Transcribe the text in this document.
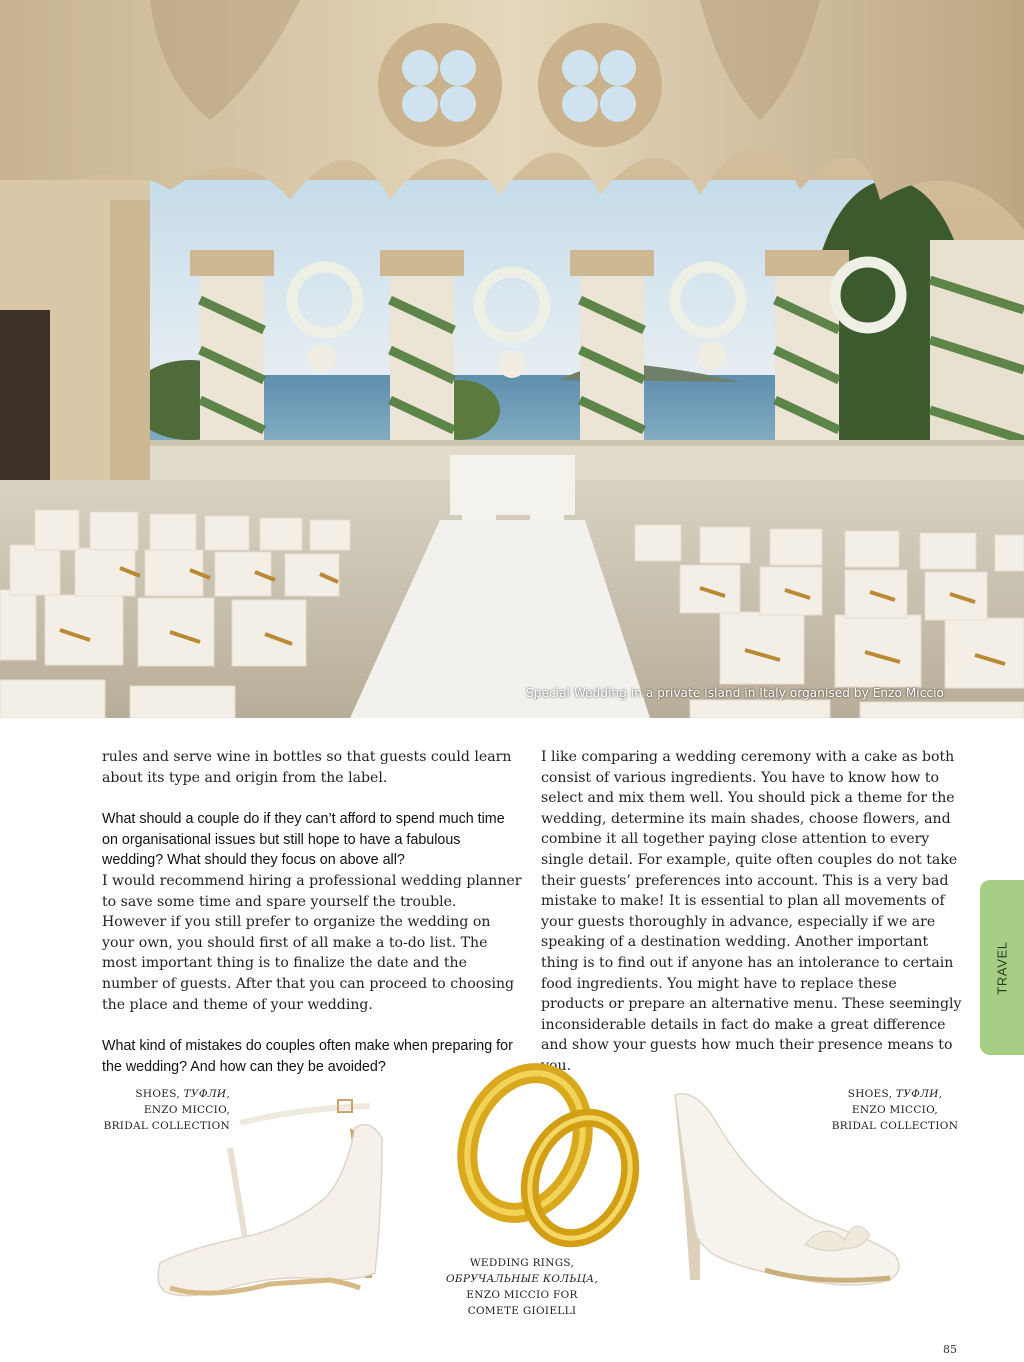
Special Wedding in a private island in Italy organised by Enzo Miccio

rules and serve wine in bottles so that guests could learn about its type and origin from the label.

What should a couple do if they can’t afford to spend much time on organisational issues but still hope to have a fabulous wedding? What should they focus on above all?

I would recommend hiring a professional wedding planner to save some time and spare yourself the trouble. However if you still prefer to organize the wedding on your own, you should first of all make a to-do list. The most important thing is to finalize the date and the number of guests. After that you can proceed to choosing the place and theme of your wedding.

What kind of mistakes do couples often make when preparing for the wedding? And how can they be avoided?

I like comparing a wedding ceremony with a cake as both consist of various ingredients. You have to know how to select and mix them well. You should pick a theme for the wedding, determine its main shades, choose flowers, and combine it all together paying close attention to every single detail. For example, quite often couples do not take their guests’ preferences into account. This is a very bad mistake to make! It is essential to plan all movements of your guests thoroughly in advance, especially if we are speaking of a destination wedding. Another important thing is to find out if anyone has an intolerance to certain food ingredients. You might have to replace these products or prepare an alternative menu. These seemingly inconsiderable details in fact do make a great difference and show your guests how much their presence means to you.

TRAVEL
SHOES, ТУФЛИ,
ENZO MICCIO,
BRIDAL COLLECTION
WEDDING RINGS,
ОБРУЧАЛЬНЫЕ КОЛЬЦА,
ENZO MICCIO FOR
COMETE GIOIELLI
SHOES, ТУФЛИ,
ENZO MICCIO,
BRIDAL COLLECTION
85
